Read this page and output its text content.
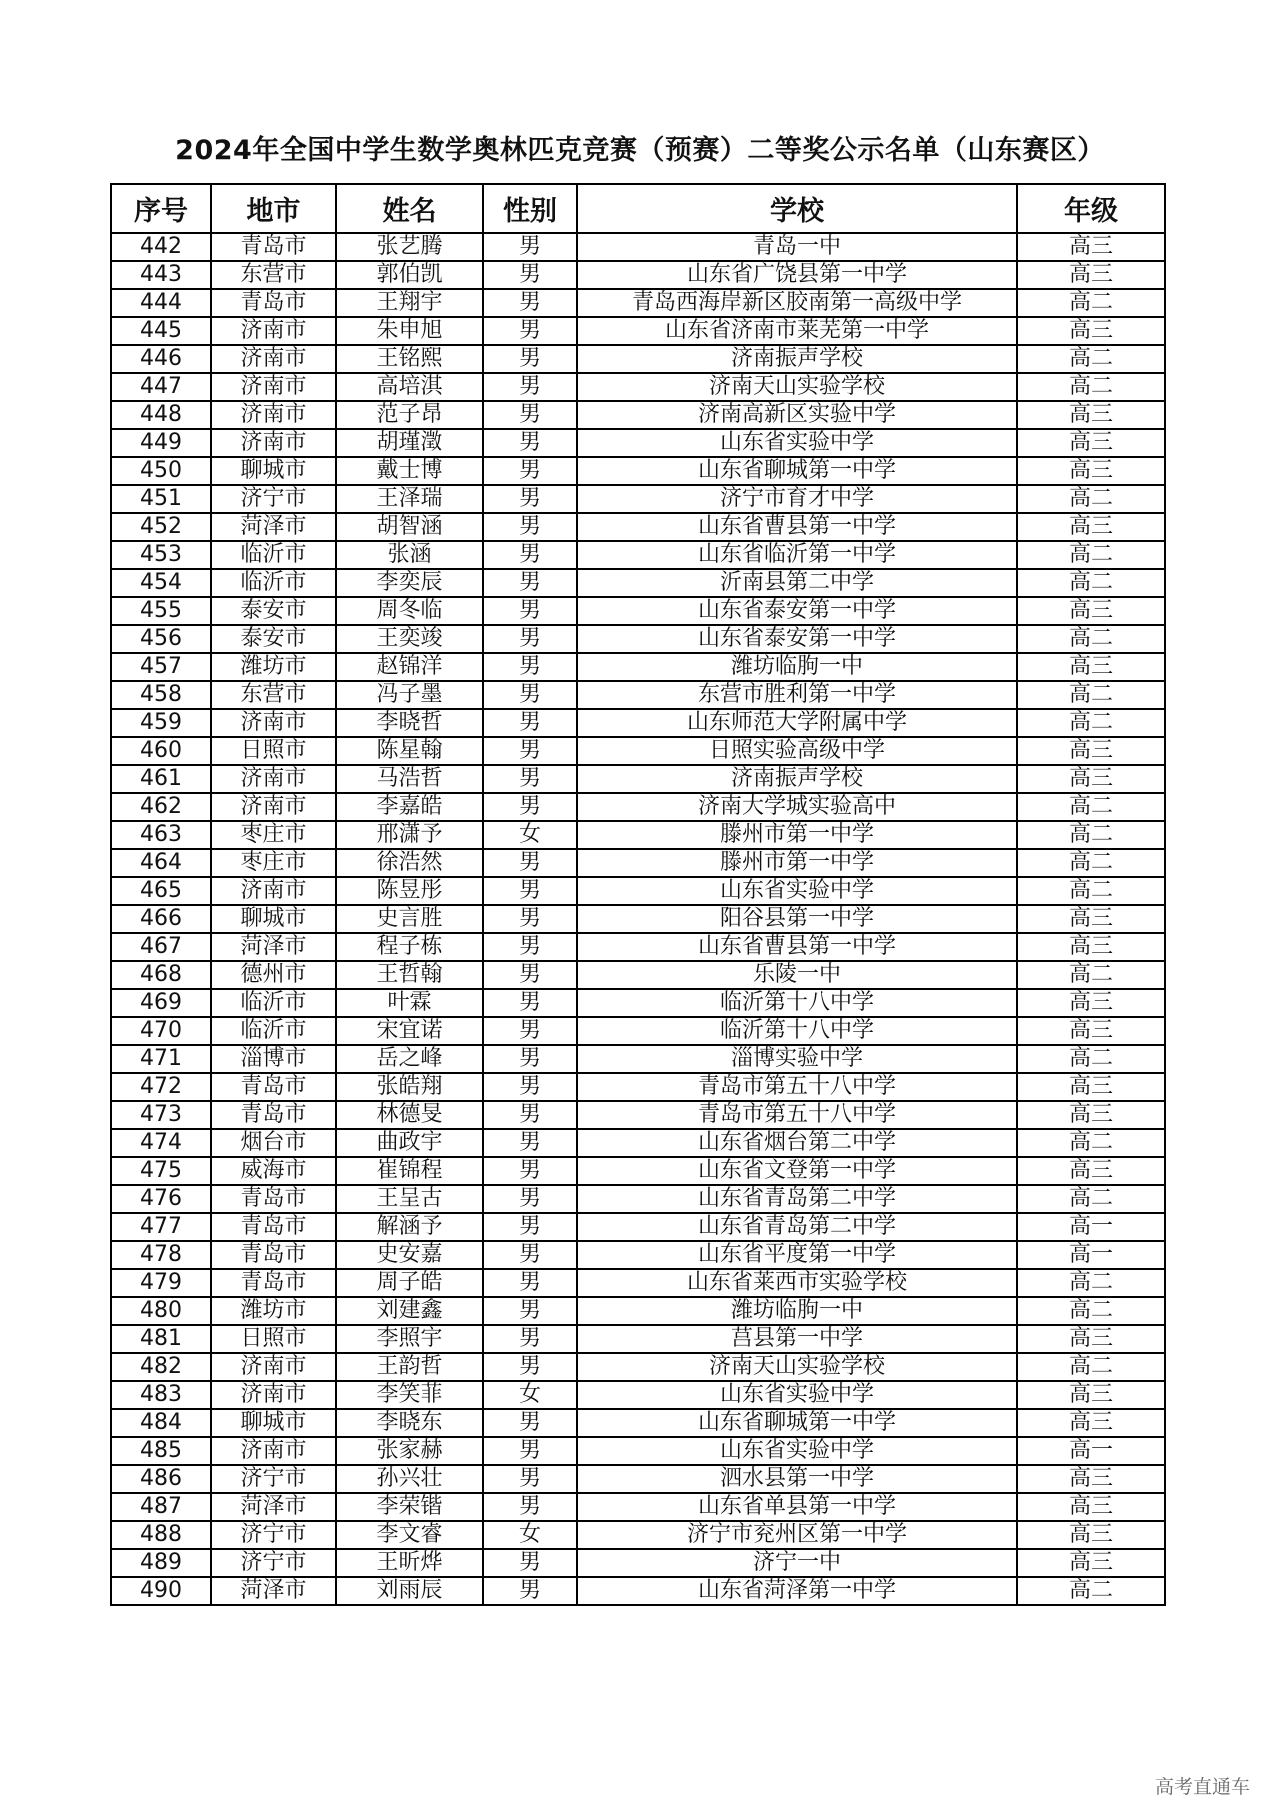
2024年全国中学生数学奥林匹克竞赛（预赛）二等奖公示名单（山东赛区）
序号	地市	姓名	性别	学校	年级
442	青岛市	张艺腾	男	青岛一中	高三
443	东营市	郭伯凯	男	山东省广饶县第一中学	高三
444	青岛市	王翔宇	男	青岛西海岸新区胶南第一高级中学	高二
445	济南市	朱申旭	男	山东省济南市莱芜第一中学	高三
446	济南市	王铭熙	男	济南振声学校	高二
447	济南市	高培淇	男	济南天山实验学校	高二
448	济南市	范子昂	男	济南高新区实验中学	高三
449	济南市	胡瑾澂	男	山东省实验中学	高三
450	聊城市	戴士博	男	山东省聊城第一中学	高三
451	济宁市	王泽瑞	男	济宁市育才中学	高二
452	菏泽市	胡智涵	男	山东省曹县第一中学	高三
453	临沂市	张涵	男	山东省临沂第一中学	高二
454	临沂市	李奕辰	男	沂南县第二中学	高二
455	泰安市	周冬临	男	山东省泰安第一中学	高三
456	泰安市	王奕竣	男	山东省泰安第一中学	高二
457	潍坊市	赵锦洋	男	潍坊临朐一中	高三
458	东营市	冯子墨	男	东营市胜利第一中学	高二
459	济南市	李晓哲	男	山东师范大学附属中学	高二
460	日照市	陈星翰	男	日照实验高级中学	高三
461	济南市	马浩哲	男	济南振声学校	高三
462	济南市	李嘉皓	男	济南大学城实验高中	高二
463	枣庄市	邢潇予	女	滕州市第一中学	高二
464	枣庄市	徐浩然	男	滕州市第一中学	高二
465	济南市	陈昱彤	男	山东省实验中学	高二
466	聊城市	史言胜	男	阳谷县第一中学	高三
467	菏泽市	程子栋	男	山东省曹县第一中学	高三
468	德州市	王哲翰	男	乐陵一中	高二
469	临沂市	叶霖	男	临沂第十八中学	高三
470	临沂市	宋宜诺	男	临沂第十八中学	高三
471	淄博市	岳之峰	男	淄博实验中学	高二
472	青岛市	张皓翔	男	青岛市第五十八中学	高三
473	青岛市	林德旻	男	青岛市第五十八中学	高三
474	烟台市	曲政宇	男	山东省烟台第二中学	高二
475	威海市	崔锦程	男	山东省文登第一中学	高三
476	青岛市	王呈古	男	山东省青岛第二中学	高二
477	青岛市	解涵予	男	山东省青岛第二中学	高一
478	青岛市	史安嘉	男	山东省平度第一中学	高一
479	青岛市	周子皓	男	山东省莱西市实验学校	高二
480	潍坊市	刘建鑫	男	潍坊临朐一中	高二
481	日照市	李照宇	男	莒县第一中学	高三
482	济南市	王韵哲	男	济南天山实验学校	高二
483	济南市	李笑菲	女	山东省实验中学	高三
484	聊城市	李晓东	男	山东省聊城第一中学	高三
485	济南市	张家赫	男	山东省实验中学	高一
486	济宁市	孙兴壮	男	泗水县第一中学	高三
487	菏泽市	李荣锴	男	山东省单县第一中学	高三
488	济宁市	李文睿	女	济宁市兖州区第一中学	高三
489	济宁市	王昕烨	男	济宁一中	高三
490	菏泽市	刘雨辰	男	山东省菏泽第一中学	高二
高考直通车
